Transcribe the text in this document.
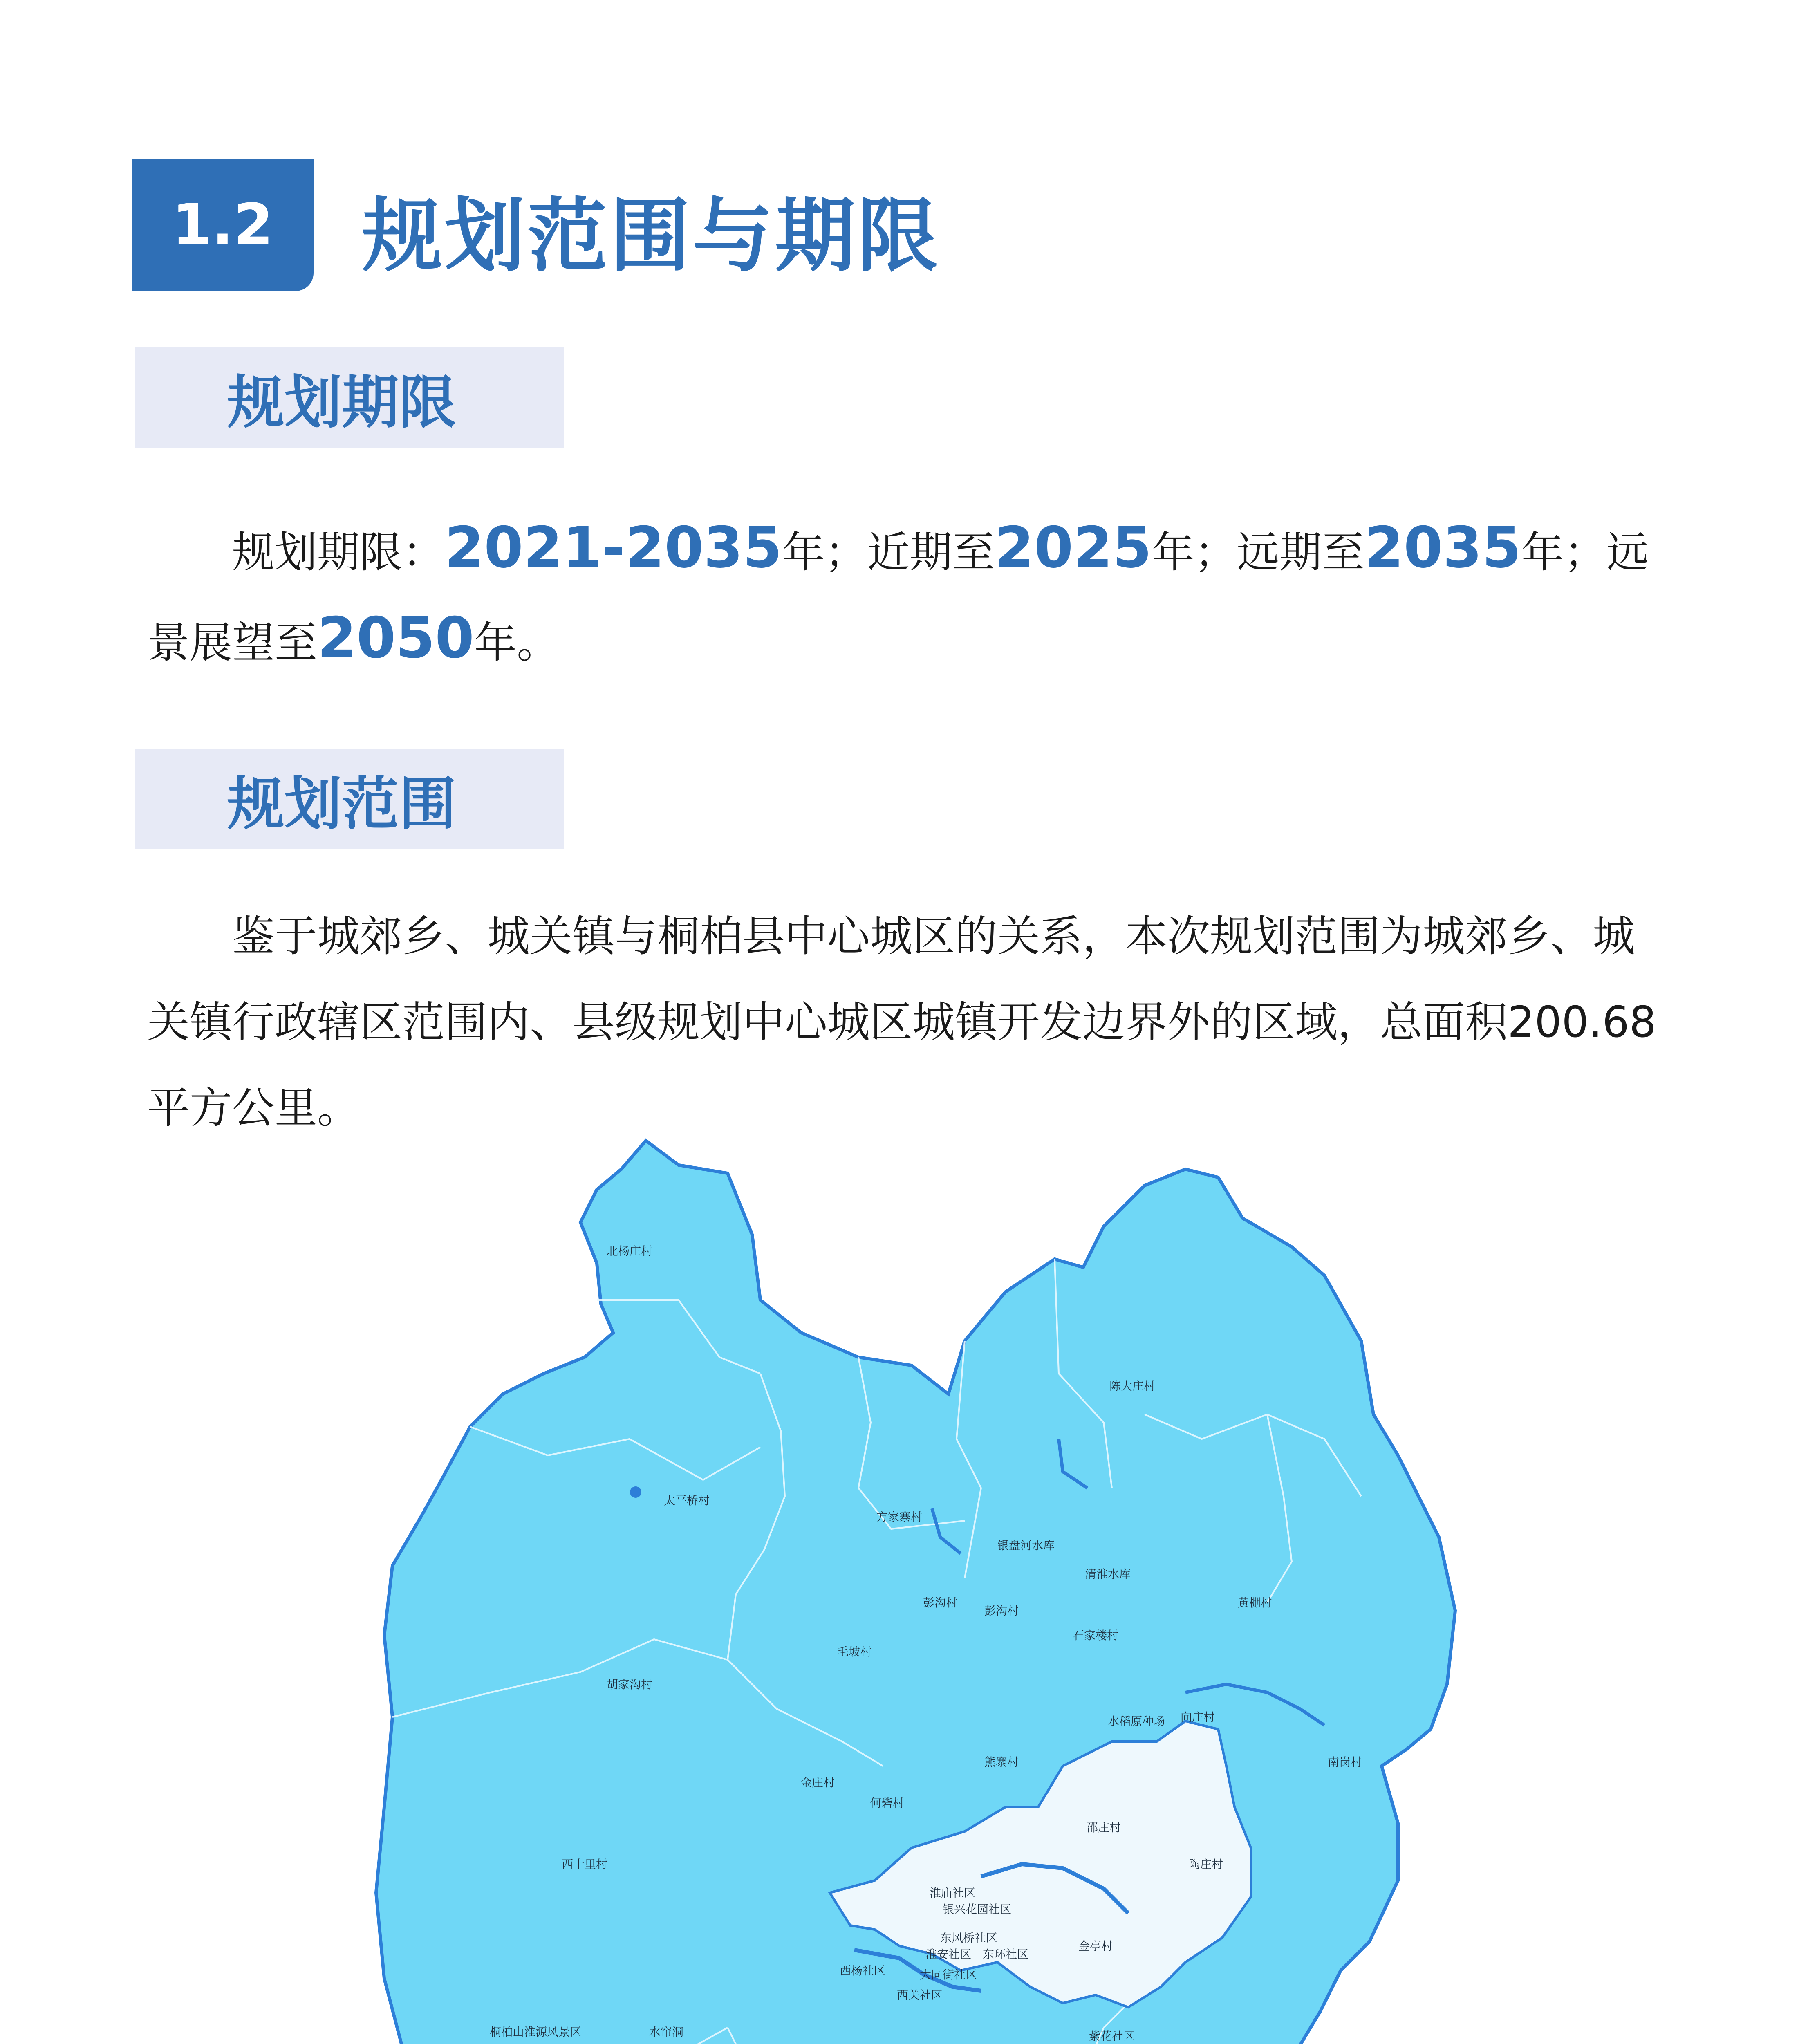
1.2 规划范围与期限
规划期限

规划期限：2021-2035年；近期至2025年；远期至2035年；远景展望至2050年。

规划范围

鉴于城郊乡、城关镇与桐柏县中心城区的关系，本次规划范围为城郊乡、城关镇行政辖区范围内、县级规划中心城区城镇开发边界外的区域，总面积200.68平方公里。

北杨庄村
陈大庄村
太平桥村
方家寨村
银盘河水库
清淮水库
彭沟村
彭沟村
黄棚村
石家楼村
毛坡村
胡家沟村
水稻原种场 向庄村
熊寨村	南岗村
金庄村
何砦村
邵庄村
陶庄村
西十里村
淮庙社区
银兴花园社区
东风桥社区
淮安社区 东环社区
金亭村
大同街社区
西杨社区
西关社区
桐柏山淮源风景区	水帘洞	紫花社区
